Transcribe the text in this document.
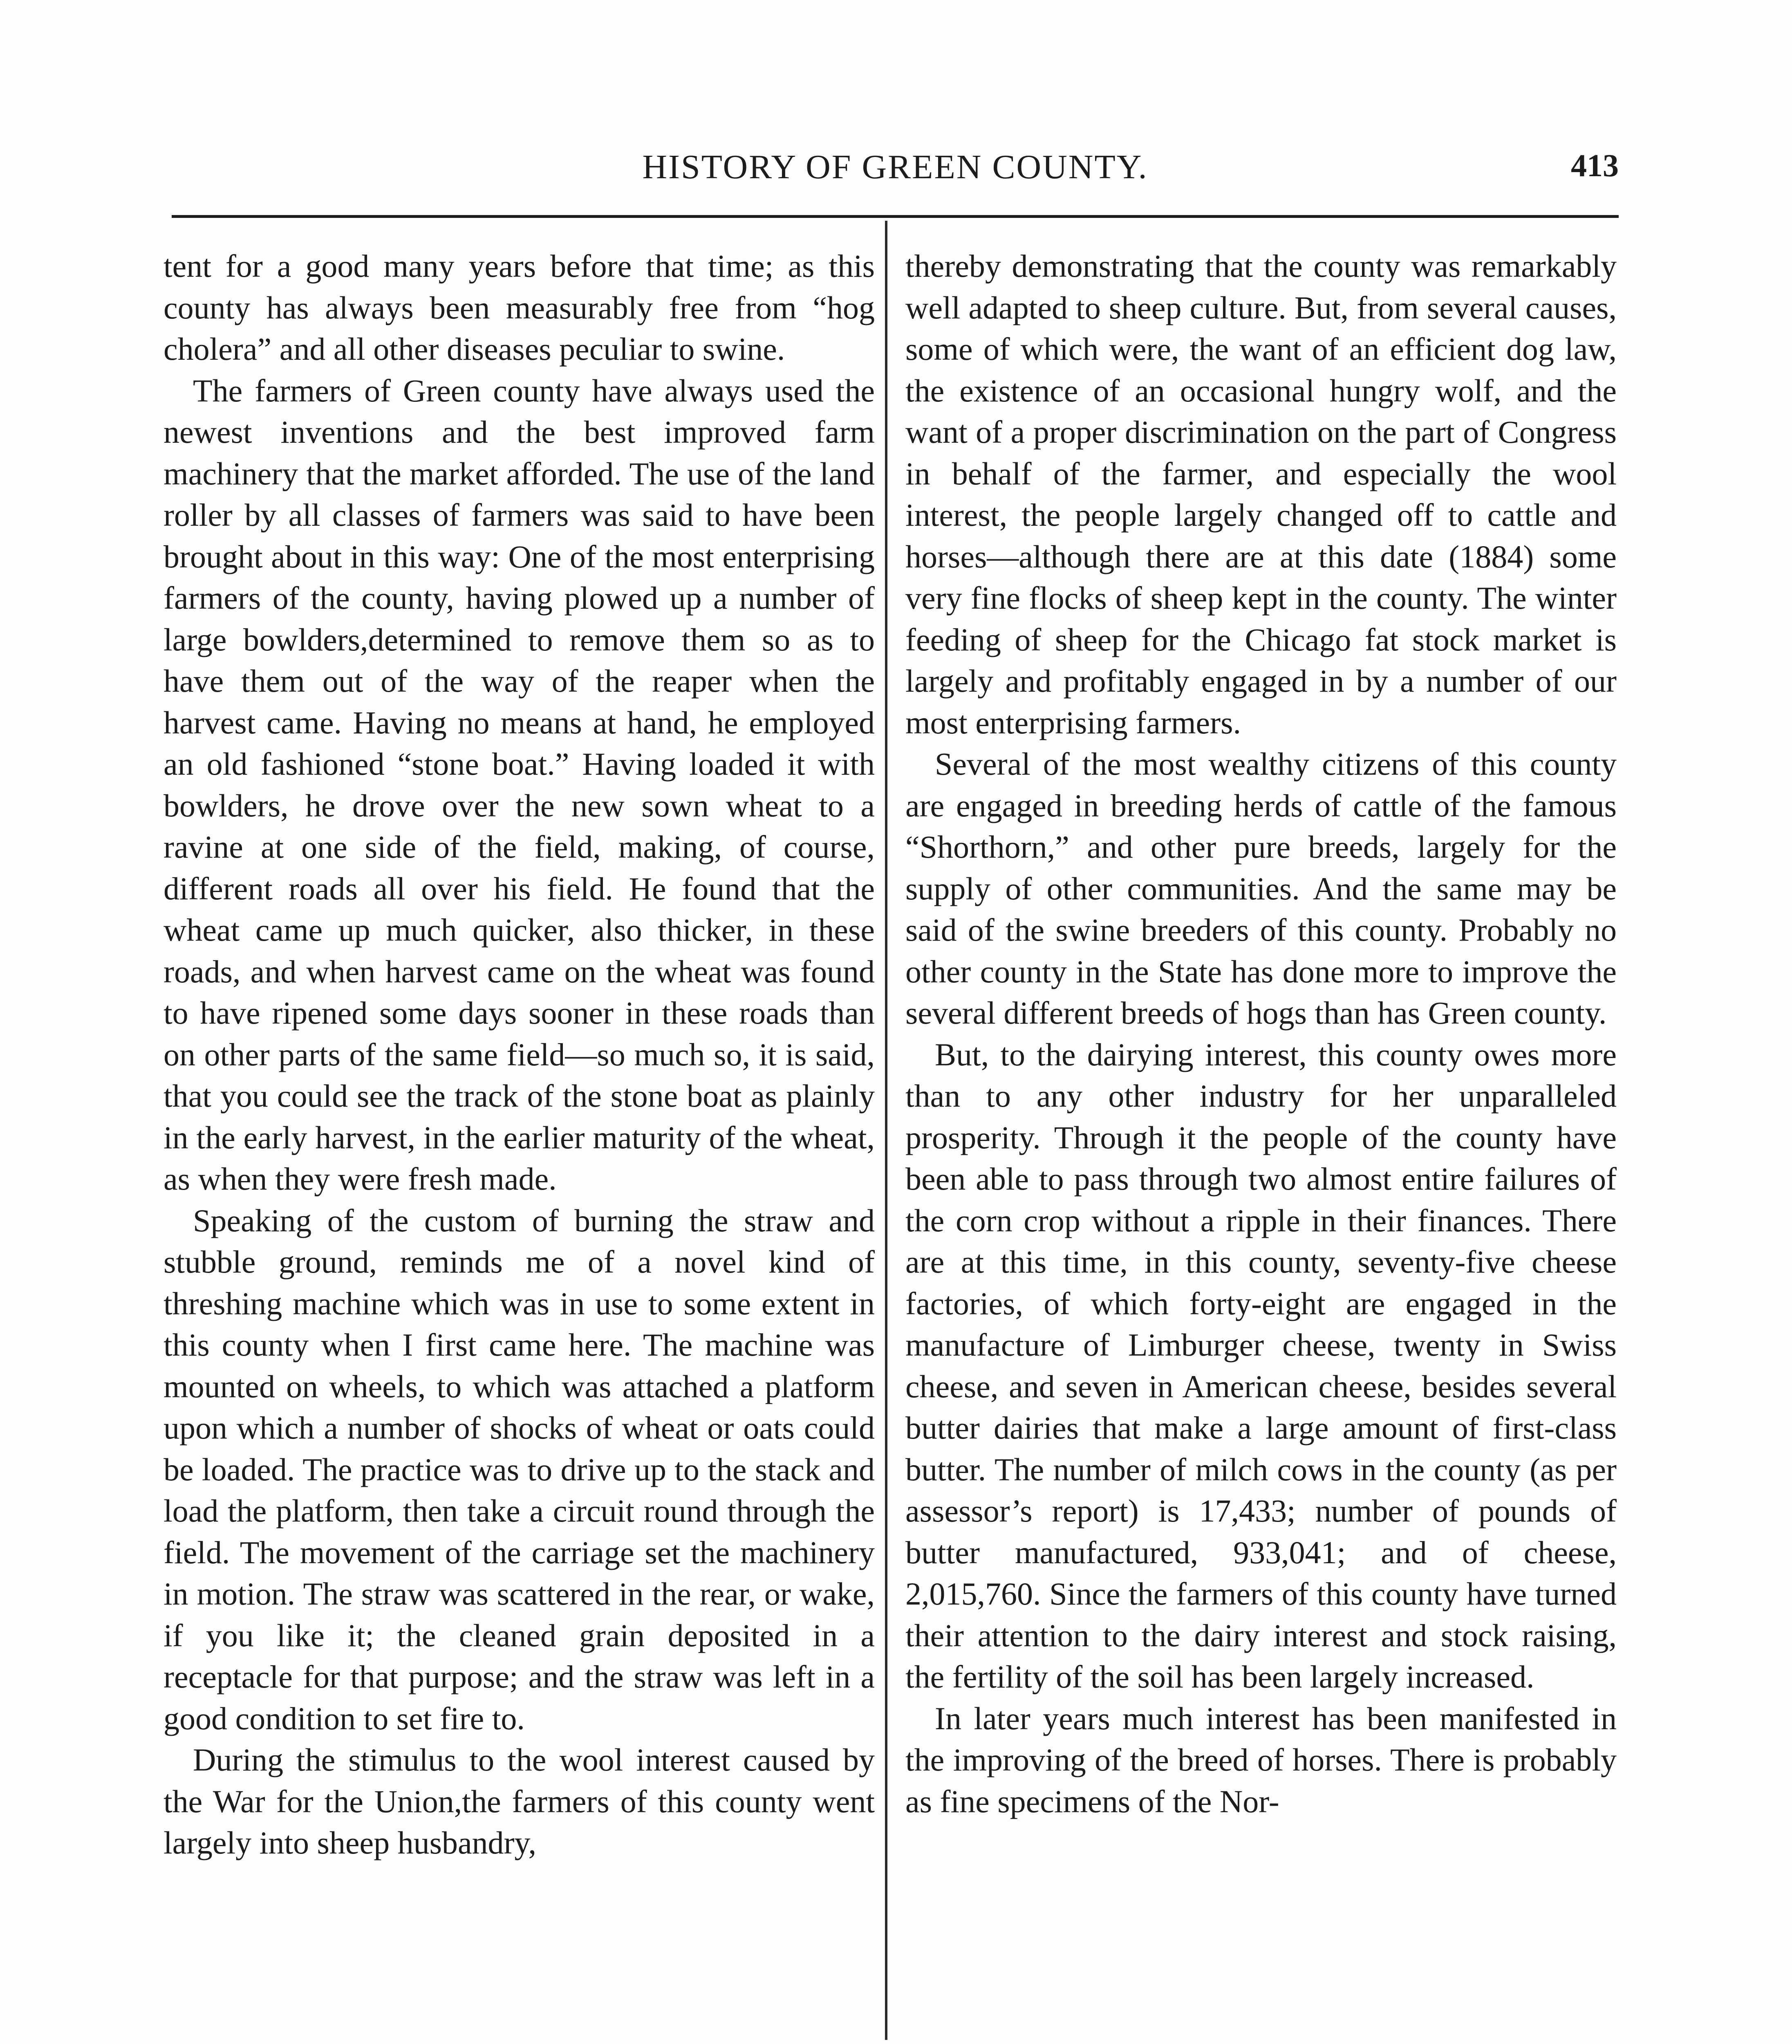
HISTORY OF GREEN COUNTY.	413

tent for a good many years before that time; as this county has always been measurably free from “hog cholera” and all other diseases peculiar to swine.

The farmers of Green county have always used the newest inventions and the best improved farm machinery that the market afforded. The use of the land roller by all classes of farmers was said to have been brought about in this way: One of the most enterprising farmers of the county, having plowed up a number of large bowlders,determined to remove them so as to have them out of the way of the reaper when the harvest came. Having no means at hand, he employed an old fashioned “stone boat.” Having loaded it with bowlders, he drove over the new sown wheat to a ravine at one side of the field, making, of course, different roads all over his field. He found that the wheat came up much quicker, also thicker, in these roads, and when harvest came on the wheat was found to have ripened some days sooner in these roads than on other parts of the same field—so much so, it is said, that you could see the track of the stone boat as plainly in the early harvest, in the earlier maturity of the wheat, as when they were fresh made.

Speaking of the custom of burning the straw and stubble ground, reminds me of a novel kind of threshing machine which was in use to some extent in this county when I first came here. The machine was mounted on wheels, to which was attached a platform upon which a number of shocks of wheat or oats could be loaded. The practice was to drive up to the stack and load the platform, then take a circuit round through the field. The movement of the carriage set the machinery in motion. The straw was scattered in the rear, or wake, if you like it; the cleaned grain deposited in a receptacle for that purpose; and the straw was left in a good condition to set fire to.

During the stimulus to the wool interest caused by the War for the Union,the farmers of this county went largely into sheep husbandry,

thereby demonstrating that the county was remarkably well adapted to sheep culture. But, from several causes, some of which were, the want of an efficient dog law, the existence of an occasional hungry wolf, and the want of a proper discrimination on the part of Congress in behalf of the farmer, and especially the wool interest, the people largely changed off to cattle and horses—although there are at this date (1884) some very fine flocks of sheep kept in the county. The winter feeding of sheep for the Chicago fat stock market is largely and profitably engaged in by a number of our most enterprising farmers.

Several of the most wealthy citizens of this county are engaged in breeding herds of cattle of the famous “Shorthorn,” and other pure breeds, largely for the supply of other communities. And the same may be said of the swine breeders of this county. Probably no other county in the State has done more to improve the several different breeds of hogs than has Green county.

But, to the dairying interest, this county owes more than to any other industry for her unparalleled prosperity. Through it the people of the county have been able to pass through two almost entire failures of the corn crop without a ripple in their finances. There are at this time, in this county, seventy-five cheese factories, of which forty-eight are engaged in the manufacture of Limburger cheese, twenty in Swiss cheese, and seven in American cheese, besides several butter dairies that make a large amount of first-class butter. The number of milch cows in the county (as per assessor’s report) is 17,433; number of pounds of butter manufactured, 933,041; and of cheese, 2,015,760. Since the farmers of this county have turned their attention to the dairy interest and stock raising, the fertility of the soil has been largely increased.

In later years much interest has been manifested in the improving of the breed of horses. There is probably as fine specimens of the Nor-
